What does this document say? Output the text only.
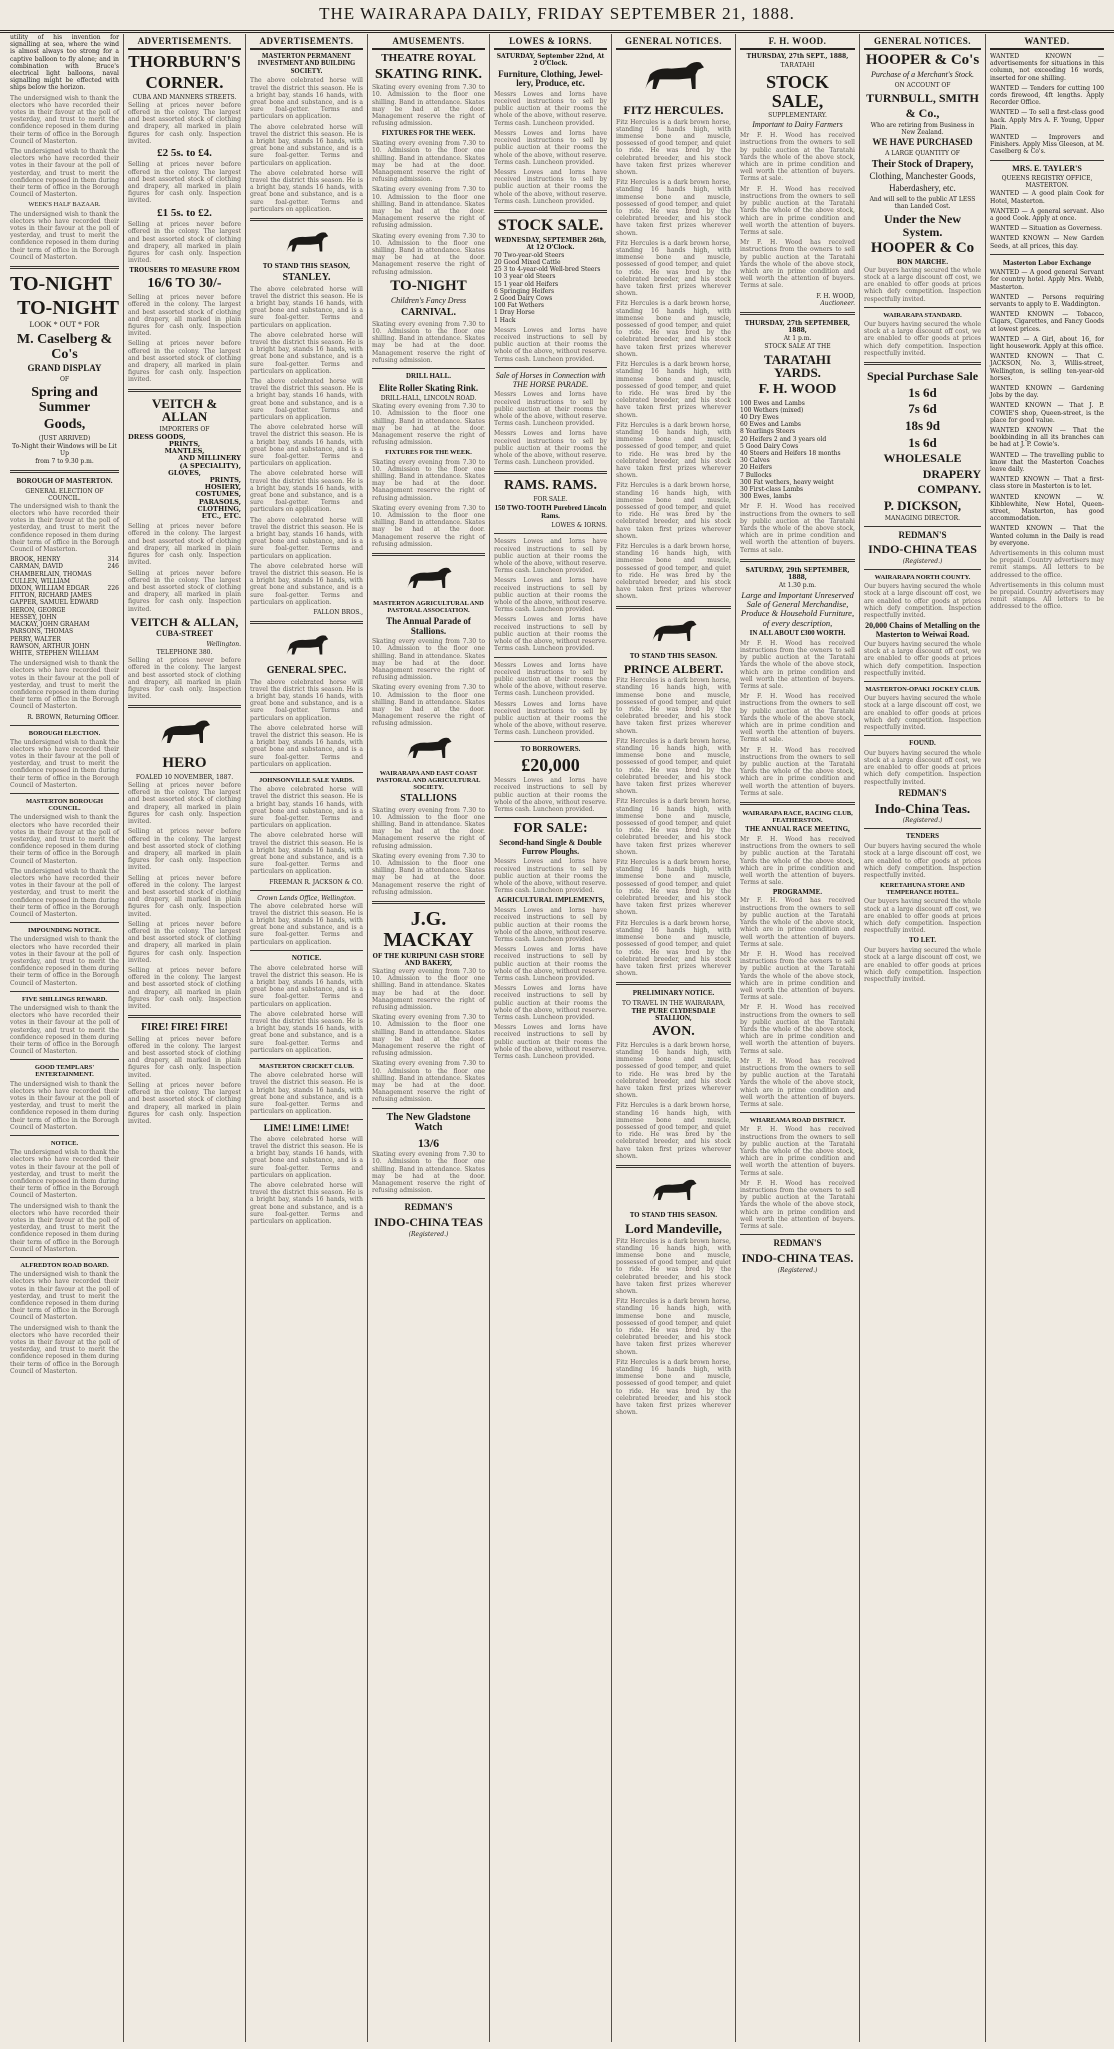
THE WAIRARAPA DAILY, FRIDAY SEPTEMBER 21, 1888.

utility of his invention for signalling at sea, where the wind is almost always too strong for a captive balloon to fly alone; and in combination with Bruce's electrical light balloons, naval signalling might be effected with ships below the horizon.

The undersigned wish to thank the electors who have recorded their votes in their favour at the poll of yesterday, and trust to merit the confidence reposed in them during their term of office in the Borough Council of Masterton.

The undersigned wish to thank the electors who have recorded their votes in their favour at the poll of yesterday, and trust to merit the confidence reposed in them during their term of office in the Borough Council of Masterton.

WEEK'S HALF BAZAAR.

The undersigned wish to thank the electors who have recorded their votes in their favour at the poll of yesterday, and trust to merit the confidence reposed in them during their term of office in the Borough Council of Masterton.

TO-NIGHT
TO-NIGHT
LOOK * OUT * FOR
M. Caselberg & Co's
GRAND DISPLAY
OF
Spring and Summer
Goods,
(JUST ARRIVED)
To-Night their Windows will be Lit Up
from 7 to 9.30 p.m.
BOROUGH OF MASTERTON.
GENERAL ELECTION OF COUNCIL.

The undersigned wish to thank the electors who have recorded their votes in their favour at the poll of yesterday, and trust to merit the confidence reposed in them during their term of office in the Borough Council of Masterton.

BROOK, HENRY	314
CARMAN, DAVID	246
CHAMBERLAIN, THOMAS
CULLEN, WILLIAM
DIXON, WILLIAM EDGAR	226
FITTON, RICHARD JAMES
GAPPER, SAMUEL EDWARD
HERON, GEORGE
HESSEY, JOHN
MACKAY, JOHN GRAHAM
PARSONS, THOMAS
PERRY, WALTER
RAWSON, ARTHUR JOHN
WHITE, STEPHEN WILLIAM

The undersigned wish to thank the electors who have recorded their votes in their favour at the poll of yesterday, and trust to merit the confidence reposed in them during their term of office in the Borough Council of Masterton.

R. BROWN, Returning Officer.
BOROUGH ELECTION.

The undersigned wish to thank the electors who have recorded their votes in their favour at the poll of yesterday, and trust to merit the confidence reposed in them during their term of office in the Borough Council of Masterton.

MASTERTON BOROUGH COUNCIL.

The undersigned wish to thank the electors who have recorded their votes in their favour at the poll of yesterday, and trust to merit the confidence reposed in them during their term of office in the Borough Council of Masterton.

The undersigned wish to thank the electors who have recorded their votes in their favour at the poll of yesterday, and trust to merit the confidence reposed in them during their term of office in the Borough Council of Masterton.

IMPOUNDING NOTICE.

The undersigned wish to thank the electors who have recorded their votes in their favour at the poll of yesterday, and trust to merit the confidence reposed in them during their term of office in the Borough Council of Masterton.

FIVE SHILLINGS REWARD.

The undersigned wish to thank the electors who have recorded their votes in their favour at the poll of yesterday, and trust to merit the confidence reposed in them during their term of office in the Borough Council of Masterton.

GOOD TEMPLARS' ENTERTAINMENT.

The undersigned wish to thank the electors who have recorded their votes in their favour at the poll of yesterday, and trust to merit the confidence reposed in them during their term of office in the Borough Council of Masterton.

NOTICE.

The undersigned wish to thank the electors who have recorded their votes in their favour at the poll of yesterday, and trust to merit the confidence reposed in them during their term of office in the Borough Council of Masterton.

The undersigned wish to thank the electors who have recorded their votes in their favour at the poll of yesterday, and trust to merit the confidence reposed in them during their term of office in the Borough Council of Masterton.

ALFREDTON ROAD BOARD.

The undersigned wish to thank the electors who have recorded their votes in their favour at the poll of yesterday, and trust to merit the confidence reposed in them during their term of office in the Borough Council of Masterton.

The undersigned wish to thank the electors who have recorded their votes in their favour at the poll of yesterday, and trust to merit the confidence reposed in them during their term of office in the Borough Council of Masterton.

ADVERTISEMENTS.
THORBURN'S
CORNER.
CUBA AND MANNERS STREETS.

Selling at prices never before offered in the colony. The largest and best assorted stock of clothing and drapery, all marked in plain figures for cash only. Inspection invited.

£2 5s. to £4.

Selling at prices never before offered in the colony. The largest and best assorted stock of clothing and drapery, all marked in plain figures for cash only. Inspection invited.

£1 5s. to £2.

Selling at prices never before offered in the colony. The largest and best assorted stock of clothing and drapery, all marked in plain figures for cash only. Inspection invited.

TROUSERS TO MEASURE FROM
16/6 TO 30/-

Selling at prices never before offered in the colony. The largest and best assorted stock of clothing and drapery, all marked in plain figures for cash only. Inspection invited.

Selling at prices never before offered in the colony. The largest and best assorted stock of clothing and drapery, all marked in plain figures for cash only. Inspection invited.

VEITCH & ALLAN
IMPORTERS OF
DRESS GOODS,
PRINTS,
MANTLES,
AND MILLINERY
(A SPECIALITY),
GLOVES,
PRINTS,
HOSIERY,
COSTUMES,
PARASOLS,
CLOTHING,
ETC., ETC.

Selling at prices never before offered in the colony. The largest and best assorted stock of clothing and drapery, all marked in plain figures for cash only. Inspection invited.

Selling at prices never before offered in the colony. The largest and best assorted stock of clothing and drapery, all marked in plain figures for cash only. Inspection invited.

VEITCH & ALLAN,
CUBA-STREET
Wellington.
TELEPHONE 380.

Selling at prices never before offered in the colony. The largest and best assorted stock of clothing and drapery, all marked in plain figures for cash only. Inspection invited.

HERO
FOALED 10 NOVEMBER, 1887.

Selling at prices never before offered in the colony. The largest and best assorted stock of clothing and drapery, all marked in plain figures for cash only. Inspection invited.

Selling at prices never before offered in the colony. The largest and best assorted stock of clothing and drapery, all marked in plain figures for cash only. Inspection invited.

Selling at prices never before offered in the colony. The largest and best assorted stock of clothing and drapery, all marked in plain figures for cash only. Inspection invited.

Selling at prices never before offered in the colony. The largest and best assorted stock of clothing and drapery, all marked in plain figures for cash only. Inspection invited.

Selling at prices never before offered in the colony. The largest and best assorted stock of clothing and drapery, all marked in plain figures for cash only. Inspection invited.

FIRE! FIRE! FIRE!

Selling at prices never before offered in the colony. The largest and best assorted stock of clothing and drapery, all marked in plain figures for cash only. Inspection invited.

Selling at prices never before offered in the colony. The largest and best assorted stock of clothing and drapery, all marked in plain figures for cash only. Inspection invited.

ADVERTISEMENTS.
MASTERTON PERMANENT INVESTMENT AND BUILDING SOCIETY.

The above celebrated horse will travel the district this season. He is a bright bay, stands 16 hands, with great bone and substance, and is a sure foal-getter. Terms and particulars on application.

The above celebrated horse will travel the district this season. He is a bright bay, stands 16 hands, with great bone and substance, and is a sure foal-getter. Terms and particulars on application.

The above celebrated horse will travel the district this season. He is a bright bay, stands 16 hands, with great bone and substance, and is a sure foal-getter. Terms and particulars on application.

TO STAND THIS SEASON,
STANLEY.

The above celebrated horse will travel the district this season. He is a bright bay, stands 16 hands, with great bone and substance, and is a sure foal-getter. Terms and particulars on application.

The above celebrated horse will travel the district this season. He is a bright bay, stands 16 hands, with great bone and substance, and is a sure foal-getter. Terms and particulars on application.

The above celebrated horse will travel the district this season. He is a bright bay, stands 16 hands, with great bone and substance, and is a sure foal-getter. Terms and particulars on application.

The above celebrated horse will travel the district this season. He is a bright bay, stands 16 hands, with great bone and substance, and is a sure foal-getter. Terms and particulars on application.

The above celebrated horse will travel the district this season. He is a bright bay, stands 16 hands, with great bone and substance, and is a sure foal-getter. Terms and particulars on application.

The above celebrated horse will travel the district this season. He is a bright bay, stands 16 hands, with great bone and substance, and is a sure foal-getter. Terms and particulars on application.

The above celebrated horse will travel the district this season. He is a bright bay, stands 16 hands, with great bone and substance, and is a sure foal-getter. Terms and particulars on application.

FALLON BROS.,
GENERAL SPEC.

The above celebrated horse will travel the district this season. He is a bright bay, stands 16 hands, with great bone and substance, and is a sure foal-getter. Terms and particulars on application.

The above celebrated horse will travel the district this season. He is a bright bay, stands 16 hands, with great bone and substance, and is a sure foal-getter. Terms and particulars on application.

JOHNSONVILLE SALE YARDS.

The above celebrated horse will travel the district this season. He is a bright bay, stands 16 hands, with great bone and substance, and is a sure foal-getter. Terms and particulars on application.

The above celebrated horse will travel the district this season. He is a bright bay, stands 16 hands, with great bone and substance, and is a sure foal-getter. Terms and particulars on application.

FREEMAN R. JACKSON & CO.
Crown Lands Office, Wellington.

The above celebrated horse will travel the district this season. He is a bright bay, stands 16 hands, with great bone and substance, and is a sure foal-getter. Terms and particulars on application.

NOTICE.

The above celebrated horse will travel the district this season. He is a bright bay, stands 16 hands, with great bone and substance, and is a sure foal-getter. Terms and particulars on application.

The above celebrated horse will travel the district this season. He is a bright bay, stands 16 hands, with great bone and substance, and is a sure foal-getter. Terms and particulars on application.

MASTERTON CRICKET CLUB.

The above celebrated horse will travel the district this season. He is a bright bay, stands 16 hands, with great bone and substance, and is a sure foal-getter. Terms and particulars on application.

LIME! LIME! LIME!

The above celebrated horse will travel the district this season. He is a bright bay, stands 16 hands, with great bone and substance, and is a sure foal-getter. Terms and particulars on application.

The above celebrated horse will travel the district this season. He is a bright bay, stands 16 hands, with great bone and substance, and is a sure foal-getter. Terms and particulars on application.

AMUSEMENTS.
THEATRE ROYAL
SKATING RINK.

Skating every evening from 7.30 to 10. Admission to the floor one shilling. Band in attendance. Skates may be had at the door. Management reserve the right of refusing admission.

FIXTURES FOR THE WEEK.

Skating every evening from 7.30 to 10. Admission to the floor one shilling. Band in attendance. Skates may be had at the door. Management reserve the right of refusing admission.

Skating every evening from 7.30 to 10. Admission to the floor one shilling. Band in attendance. Skates may be had at the door. Management reserve the right of refusing admission.

Skating every evening from 7.30 to 10. Admission to the floor one shilling. Band in attendance. Skates may be had at the door. Management reserve the right of refusing admission.

TO-NIGHT
Children's Fancy Dress
CARNIVAL.

Skating every evening from 7.30 to 10. Admission to the floor one shilling. Band in attendance. Skates may be had at the door. Management reserve the right of refusing admission.

DRILL HALL.
Elite Roller Skating Rink.
DRILL-HALL, LINCOLN ROAD.

Skating every evening from 7.30 to 10. Admission to the floor one shilling. Band in attendance. Skates may be had at the door. Management reserve the right of refusing admission.

FIXTURES FOR THE WEEK.

Skating every evening from 7.30 to 10. Admission to the floor one shilling. Band in attendance. Skates may be had at the door. Management reserve the right of refusing admission.

Skating every evening from 7.30 to 10. Admission to the floor one shilling. Band in attendance. Skates may be had at the door. Management reserve the right of refusing admission.

MASTERTON AGRICULTURAL AND PASTORAL ASSOCIATION.
The Annual Parade of Stallions.

Skating every evening from 7.30 to 10. Admission to the floor one shilling. Band in attendance. Skates may be had at the door. Management reserve the right of refusing admission.

Skating every evening from 7.30 to 10. Admission to the floor one shilling. Band in attendance. Skates may be had at the door. Management reserve the right of refusing admission.

WAIRARAPA AND EAST COAST PASTORAL AND AGRICULTURAL SOCIETY.
STALLIONS

Skating every evening from 7.30 to 10. Admission to the floor one shilling. Band in attendance. Skates may be had at the door. Management reserve the right of refusing admission.

Skating every evening from 7.30 to 10. Admission to the floor one shilling. Band in attendance. Skates may be had at the door. Management reserve the right of refusing admission.

J.G. MACKAY
OF THE KURIPUNI CASH STORE AND BAKERY,

Skating every evening from 7.30 to 10. Admission to the floor one shilling. Band in attendance. Skates may be had at the door. Management reserve the right of refusing admission.

Skating every evening from 7.30 to 10. Admission to the floor one shilling. Band in attendance. Skates may be had at the door. Management reserve the right of refusing admission.

Skating every evening from 7.30 to 10. Admission to the floor one shilling. Band in attendance. Skates may be had at the door. Management reserve the right of refusing admission.

The New Gladstone Watch
13/6

Skating every evening from 7.30 to 10. Admission to the floor one shilling. Band in attendance. Skates may be had at the door. Management reserve the right of refusing admission.

REDMAN'S
INDO-CHINA TEAS
(Registered.)
LOWES & IORNS.
SATURDAY, September 22nd, At 2 O'Clock.
Furniture, Clothing, Jewel-lery, Produce, etc.

Messrs Lowes and Iorns have received instructions to sell by public auction at their rooms the whole of the above, without reserve. Terms cash. Luncheon provided.

Messrs Lowes and Iorns have received instructions to sell by public auction at their rooms the whole of the above, without reserve. Terms cash. Luncheon provided.

Messrs Lowes and Iorns have received instructions to sell by public auction at their rooms the whole of the above, without reserve. Terms cash. Luncheon provided.

STOCK SALE.
WEDNESDAY, SEPTEMBER 26th, At 12 O'Clock.
70 Two-year-old Steers
20 Good Mixed Cattle
25 3 to 4-year-old Well-bred Steers
10 3 year old Steers
15 1 year old Heifers
6 Springing Heifers
2 Good Dairy Cows
100 Fat Wethers
1 Dray Horse
1 Hack

Messrs Lowes and Iorns have received instructions to sell by public auction at their rooms the whole of the above, without reserve. Terms cash. Luncheon provided.

Sale of Horses in Connection with THE HORSE PARADE.

Messrs Lowes and Iorns have received instructions to sell by public auction at their rooms the whole of the above, without reserve. Terms cash. Luncheon provided.

Messrs Lowes and Iorns have received instructions to sell by public auction at their rooms the whole of the above, without reserve. Terms cash. Luncheon provided.

RAMS. RAMS.
FOR SALE.
150 TWO-TOOTH Purebred Lincoln Rams.
LOWES & IORNS.

Messrs Lowes and Iorns have received instructions to sell by public auction at their rooms the whole of the above, without reserve. Terms cash. Luncheon provided.

Messrs Lowes and Iorns have received instructions to sell by public auction at their rooms the whole of the above, without reserve. Terms cash. Luncheon provided.

Messrs Lowes and Iorns have received instructions to sell by public auction at their rooms the whole of the above, without reserve. Terms cash. Luncheon provided.

Messrs Lowes and Iorns have received instructions to sell by public auction at their rooms the whole of the above, without reserve. Terms cash. Luncheon provided.

Messrs Lowes and Iorns have received instructions to sell by public auction at their rooms the whole of the above, without reserve. Terms cash. Luncheon provided.

TO BORROWERS.
£20,000

Messrs Lowes and Iorns have received instructions to sell by public auction at their rooms the whole of the above, without reserve. Terms cash. Luncheon provided.

FOR SALE:
Second-hand Single & Double Furrow Ploughs.

Messrs Lowes and Iorns have received instructions to sell by public auction at their rooms the whole of the above, without reserve. Terms cash. Luncheon provided.

AGRICULTURAL IMPLEMENTS,

Messrs Lowes and Iorns have received instructions to sell by public auction at their rooms the whole of the above, without reserve. Terms cash. Luncheon provided.

Messrs Lowes and Iorns have received instructions to sell by public auction at their rooms the whole of the above, without reserve. Terms cash. Luncheon provided.

Messrs Lowes and Iorns have received instructions to sell by public auction at their rooms the whole of the above, without reserve. Terms cash. Luncheon provided.

Messrs Lowes and Iorns have received instructions to sell by public auction at their rooms the whole of the above, without reserve. Terms cash. Luncheon provided.

GENERAL NOTICES.
FITZ HERCULES.

Fitz Hercules is a dark brown horse, standing 16 hands high, with immense bone and muscle, possessed of good temper, and quiet to ride. He was bred by the celebrated breeder, and his stock have taken first prizes wherever shown.

Fitz Hercules is a dark brown horse, standing 16 hands high, with immense bone and muscle, possessed of good temper, and quiet to ride. He was bred by the celebrated breeder, and his stock have taken first prizes wherever shown.

Fitz Hercules is a dark brown horse, standing 16 hands high, with immense bone and muscle, possessed of good temper, and quiet to ride. He was bred by the celebrated breeder, and his stock have taken first prizes wherever shown.

Fitz Hercules is a dark brown horse, standing 16 hands high, with immense bone and muscle, possessed of good temper, and quiet to ride. He was bred by the celebrated breeder, and his stock have taken first prizes wherever shown.

Fitz Hercules is a dark brown horse, standing 16 hands high, with immense bone and muscle, possessed of good temper, and quiet to ride. He was bred by the celebrated breeder, and his stock have taken first prizes wherever shown.

Fitz Hercules is a dark brown horse, standing 16 hands high, with immense bone and muscle, possessed of good temper, and quiet to ride. He was bred by the celebrated breeder, and his stock have taken first prizes wherever shown.

Fitz Hercules is a dark brown horse, standing 16 hands high, with immense bone and muscle, possessed of good temper, and quiet to ride. He was bred by the celebrated breeder, and his stock have taken first prizes wherever shown.

Fitz Hercules is a dark brown horse, standing 16 hands high, with immense bone and muscle, possessed of good temper, and quiet to ride. He was bred by the celebrated breeder, and his stock have taken first prizes wherever shown.

TO STAND THIS SEASON.
PRINCE ALBERT.

Fitz Hercules is a dark brown horse, standing 16 hands high, with immense bone and muscle, possessed of good temper, and quiet to ride. He was bred by the celebrated breeder, and his stock have taken first prizes wherever shown.

Fitz Hercules is a dark brown horse, standing 16 hands high, with immense bone and muscle, possessed of good temper, and quiet to ride. He was bred by the celebrated breeder, and his stock have taken first prizes wherever shown.

Fitz Hercules is a dark brown horse, standing 16 hands high, with immense bone and muscle, possessed of good temper, and quiet to ride. He was bred by the celebrated breeder, and his stock have taken first prizes wherever shown.

Fitz Hercules is a dark brown horse, standing 16 hands high, with immense bone and muscle, possessed of good temper, and quiet to ride. He was bred by the celebrated breeder, and his stock have taken first prizes wherever shown.

Fitz Hercules is a dark brown horse, standing 16 hands high, with immense bone and muscle, possessed of good temper, and quiet to ride. He was bred by the celebrated breeder, and his stock have taken first prizes wherever shown.

PRELIMINARY NOTICE.
TO TRAVEL IN THE WAIRARAPA,
THE PURE CLYDESDALE STALLION,
AVON.

Fitz Hercules is a dark brown horse, standing 16 hands high, with immense bone and muscle, possessed of good temper, and quiet to ride. He was bred by the celebrated breeder, and his stock have taken first prizes wherever shown.

Fitz Hercules is a dark brown horse, standing 16 hands high, with immense bone and muscle, possessed of good temper, and quiet to ride. He was bred by the celebrated breeder, and his stock have taken first prizes wherever shown.

TO STAND THIS SEASON.
Lord Mandeville,

Fitz Hercules is a dark brown horse, standing 16 hands high, with immense bone and muscle, possessed of good temper, and quiet to ride. He was bred by the celebrated breeder, and his stock have taken first prizes wherever shown.

Fitz Hercules is a dark brown horse, standing 16 hands high, with immense bone and muscle, possessed of good temper, and quiet to ride. He was bred by the celebrated breeder, and his stock have taken first prizes wherever shown.

Fitz Hercules is a dark brown horse, standing 16 hands high, with immense bone and muscle, possessed of good temper, and quiet to ride. He was bred by the celebrated breeder, and his stock have taken first prizes wherever shown.

F. H. WOOD.
THURSDAY, 27th SEPT., 1888,
TARATAHI
STOCK SALE,
SUPPLEMENTARY.
Important to Dairy Farmers

Mr F. H. Wood has received instructions from the owners to sell by public auction at the Taratahi Yards the whole of the above stock, which are in prime condition and well worth the attention of buyers. Terms at sale.

Mr F. H. Wood has received instructions from the owners to sell by public auction at the Taratahi Yards the whole of the above stock, which are in prime condition and well worth the attention of buyers. Terms at sale.

Mr F. H. Wood has received instructions from the owners to sell by public auction at the Taratahi Yards the whole of the above stock, which are in prime condition and well worth the attention of buyers. Terms at sale.

F. H. WOOD,
Auctioneer.
THURSDAY, 27th SEPTEMBER, 1888,
At 1 p.m.
STOCK SALE AT THE
TARATAHI YARDS.
F. H. WOOD
100 Ewes and Lambs
100 Wethers (mixed)
40 Dry Ewes
60 Ewes and Lambs
8 Yearlings Steers
20 Heifers 2 and 3 years old
5 Good Dairy Cows
40 Steers and Heifers 18 months
30 Calves
20 Heifers
7 Bullocks
300 Fat wethers, heavy weight
30 First-class Lambs
300 Ewes, lambs

Mr F. H. Wood has received instructions from the owners to sell by public auction at the Taratahi Yards the whole of the above stock, which are in prime condition and well worth the attention of buyers. Terms at sale.

SATURDAY, 29th SEPTEMBER, 1888,
At 1.30 p.m.
Large and Important Unreserved Sale of General Merchandise, Produce & Household Furniture, of every description,
IN ALL ABOUT £300 WORTH.

Mr F. H. Wood has received instructions from the owners to sell by public auction at the Taratahi Yards the whole of the above stock, which are in prime condition and well worth the attention of buyers. Terms at sale.

Mr F. H. Wood has received instructions from the owners to sell by public auction at the Taratahi Yards the whole of the above stock, which are in prime condition and well worth the attention of buyers. Terms at sale.

Mr F. H. Wood has received instructions from the owners to sell by public auction at the Taratahi Yards the whole of the above stock, which are in prime condition and well worth the attention of buyers. Terms at sale.

WAIRARAPA RACE, RACING CLUB, FEATHERSTON.
THE ANNUAL RACE MEETING,

Mr F. H. Wood has received instructions from the owners to sell by public auction at the Taratahi Yards the whole of the above stock, which are in prime condition and well worth the attention of buyers. Terms at sale.

PROGRAMME.

Mr F. H. Wood has received instructions from the owners to sell by public auction at the Taratahi Yards the whole of the above stock, which are in prime condition and well worth the attention of buyers. Terms at sale.

Mr F. H. Wood has received instructions from the owners to sell by public auction at the Taratahi Yards the whole of the above stock, which are in prime condition and well worth the attention of buyers. Terms at sale.

Mr F. H. Wood has received instructions from the owners to sell by public auction at the Taratahi Yards the whole of the above stock, which are in prime condition and well worth the attention of buyers. Terms at sale.

Mr F. H. Wood has received instructions from the owners to sell by public auction at the Taratahi Yards the whole of the above stock, which are in prime condition and well worth the attention of buyers. Terms at sale.

WHAREAMA ROAD DISTRICT.

Mr F. H. Wood has received instructions from the owners to sell by public auction at the Taratahi Yards the whole of the above stock, which are in prime condition and well worth the attention of buyers. Terms at sale.

Mr F. H. Wood has received instructions from the owners to sell by public auction at the Taratahi Yards the whole of the above stock, which are in prime condition and well worth the attention of buyers. Terms at sale.

REDMAN'S
INDO-CHINA TEAS.
(Registered.)
GENERAL NOTICES.
HOOPER & Co's
Purchase of a Merchant's Stock.
ON ACCOUNT OF
TURNBULL, SMITH
& Co.,
Who are retiring from Business in New Zealand.
WE HAVE PURCHASED
A LARGE QUANTITY OF
Their Stock of Drapery,
Clothing, Manchester Goods,
Haberdashery, etc.
And will sell to the public AT LESS than Landed Cost.
Under the New System.
HOOPER & Co
BON MARCHE.

Our buyers having secured the whole stock at a large discount off cost, we are enabled to offer goods at prices which defy competition. Inspection respectfully invited.

WAIRARAPA STANDARD.

Our buyers having secured the whole stock at a large discount off cost, we are enabled to offer goods at prices which defy competition. Inspection respectfully invited.

Special Purchase Sale
1s 6d
7s 6d
18s 9d
1s 6d
WHOLESALE
DRAPERY
COMPANY.
P. DICKSON,
MANAGING DIRECTOR.
REDMAN'S
INDO-CHINA TEAS
(Registered.)
WAIRARAPA NORTH COUNTY.

Our buyers having secured the whole stock at a large discount off cost, we are enabled to offer goods at prices which defy competition. Inspection respectfully invited.

20,000 Chains of Metalling on the Masterton to Weiwai Road.

Our buyers having secured the whole stock at a large discount off cost, we are enabled to offer goods at prices which defy competition. Inspection respectfully invited.

MASTERTON-OPAKI JOCKEY CLUB.

Our buyers having secured the whole stock at a large discount off cost, we are enabled to offer goods at prices which defy competition. Inspection respectfully invited.

FOUND.

Our buyers having secured the whole stock at a large discount off cost, we are enabled to offer goods at prices which defy competition. Inspection respectfully invited.

REDMAN'S
Indo-China Teas.
(Registered.)
TENDERS

Our buyers having secured the whole stock at a large discount off cost, we are enabled to offer goods at prices which defy competition. Inspection respectfully invited.

KERETAHUNA STORE AND TEMPERANCE HOTEL.

Our buyers having secured the whole stock at a large discount off cost, we are enabled to offer goods at prices which defy competition. Inspection respectfully invited.

TO LET.

Our buyers having secured the whole stock at a large discount off cost, we are enabled to offer goods at prices which defy competition. Inspection respectfully invited.

WANTED.

WANTED KNOWN — advertisements for situations in this column, not exceeding 16 words, inserted for one shilling.

WANTED — Tenders for cutting 100 cords firewood, 4ft lengths. Apply Recorder Office.

WANTED — To sell a first-class good hack. Apply Mrs A. F. Young, Upper Plain.

WANTED — Improvers and Finishers. Apply Miss Gleeson, at M. Caselberg & Co's.

MRS. E. TAYLER'S
QUEENS REGISTRY OFFICE, MASTERTON.

WANTED — A good plain Cook for Hotel, Masterton.

WANTED — A general servant. Also a good Cook. Apply at once.

WANTED — Situation as Governess.

WANTED KNOWN — New Garden Seeds, at all prices, this day.

Masterton Labor Exchange

WANTED — A good general Servant for country hotel. Apply Mrs. Webb, Masterton.

WANTED — Persons requiring servants to apply to E. Waddington.

WANTED KNOWN — Tobacco, Cigars, Cigarettes, and Fancy Goods at lowest prices.

WANTED — A Girl, about 16, for light housework. Apply at this office.

WANTED KNOWN — That C. JACKSON, No. 3, Willis-street, Wellington, is selling ten-year-old horses.

WANTED KNOWN — Gardening Jobs by the day.

WANTED KNOWN — That J. P. COWIE'S shop, Queen-street, is the place for good value.

WANTED KNOWN — That the bookbinding in all its branches can be had at J. P. Cowie's.

WANTED — The travelling public to know that the Masterton Coaches leave daily.

WANTED KNOWN — That a first-class store in Masterton is to let.

WANTED KNOWN — W. Kibblewhite, New Hotel, Queen-street, Masterton, has good accommodation.

WANTED KNOWN — That the Wanted column in the Daily is read by everyone.

Advertisements in this column must be prepaid. Country advertisers may remit stamps. All letters to be addressed to the office.

Advertisements in this column must be prepaid. Country advertisers may remit stamps. All letters to be addressed to the office.
